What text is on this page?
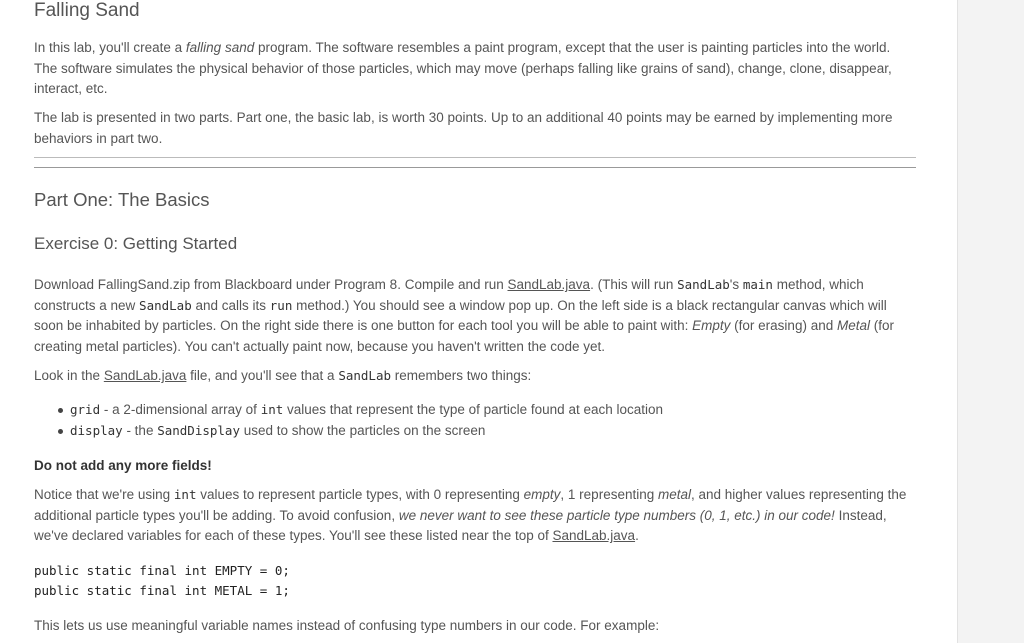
Falling Sand

In this lab, you'll create a falling sand program. The software resembles a paint program, except that the user is painting particles into the world. The software simulates the physical behavior of those particles, which may move (perhaps falling like grains of sand), change, clone, disappear, interact, etc.

The lab is presented in two parts. Part one, the basic lab, is worth 30 points. Up to an additional 40 points may be earned by implementing more behaviors in part two.

Part One: The Basics
Exercise 0: Getting Started

Download FallingSand.zip from Blackboard under Program 8. Compile and run SandLab.java. (This will run SandLab's main method, which constructs a new SandLab and calls its run method.) You should see a window pop up. On the left side is a black rectangular canvas which will soon be inhabited by particles. On the right side there is one button for each tool you will be able to paint with: Empty (for erasing) and Metal (for creating metal particles). You can't actually paint now, because you haven't written the code yet.

Look in the SandLab.java file, and you'll see that a SandLab remembers two things:

grid - a 2-dimensional array of int values that represent the type of particle found at each location
display - the SandDisplay used to show the particles on the screen

Do not add any more fields!

Notice that we're using int values to represent particle types, with 0 representing empty, 1 representing metal, and higher values representing the additional particle types you'll be adding. To avoid confusion, we never want to see these particle type numbers (0, 1, etc.) in our code! Instead, we've declared variables for each of these types. You'll see these listed near the top of SandLab.java.

public static final int EMPTY = 0;
public static final int METAL = 1;

This lets us use meaningful variable names instead of confusing type numbers in our code. For example:
